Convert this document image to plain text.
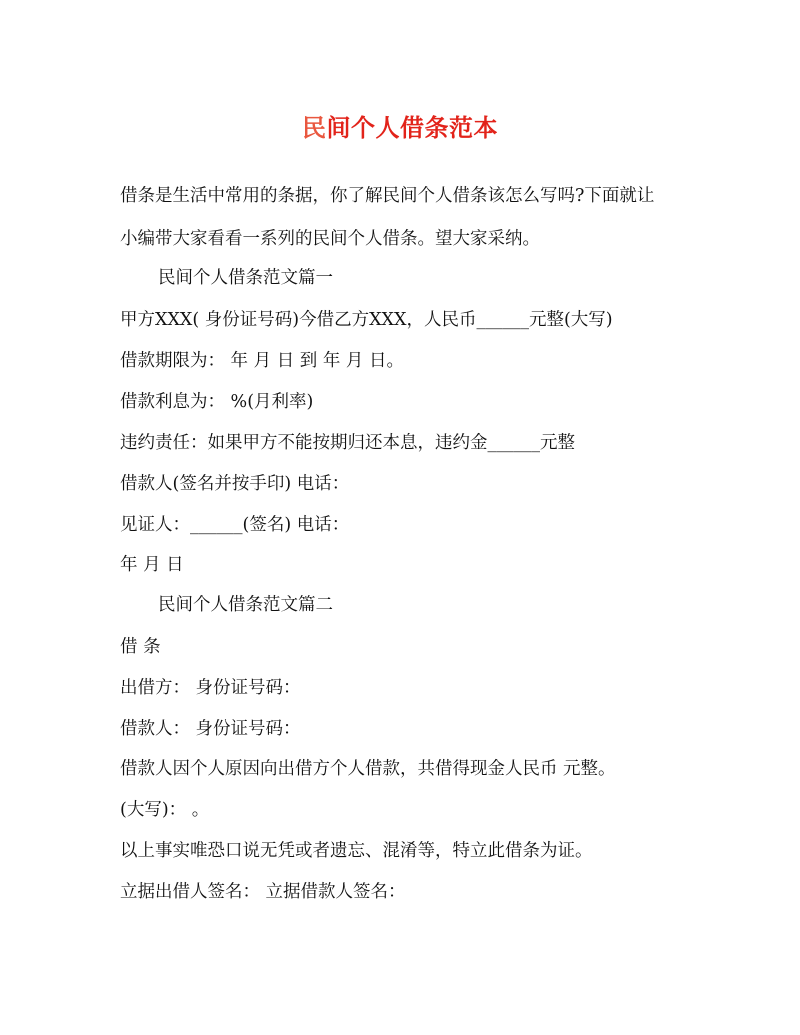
民间个人借条范本

借条是生活中常用的条据，你了解民间个人借条该怎么写吗?下面就让

小编带大家看看一系列的民间个人借条。望大家采纳。

民间个人借条范文篇一

甲方XXX( 身份证号码)今借乙方XXX，人民币______元整(大写)

借款期限为： 年 月 日 到 年 月 日。

借款利息为： %(月利率)

违约责任：如果甲方不能按期归还本息，违约金______元整

借款人(签名并按手印) 电话：

见证人：______(签名) 电话：

年 月 日

民间个人借条范文篇二

借 条

出借方： 身份证号码：

借款人： 身份证号码：

借款人因个人原因向出借方个人借款，共借得现金人民币 元整。

(大写)： 。

以上事实唯恐口说无凭或者遗忘、混淆等，特立此借条为证。

立据出借人签名： 立据借款人签名：
